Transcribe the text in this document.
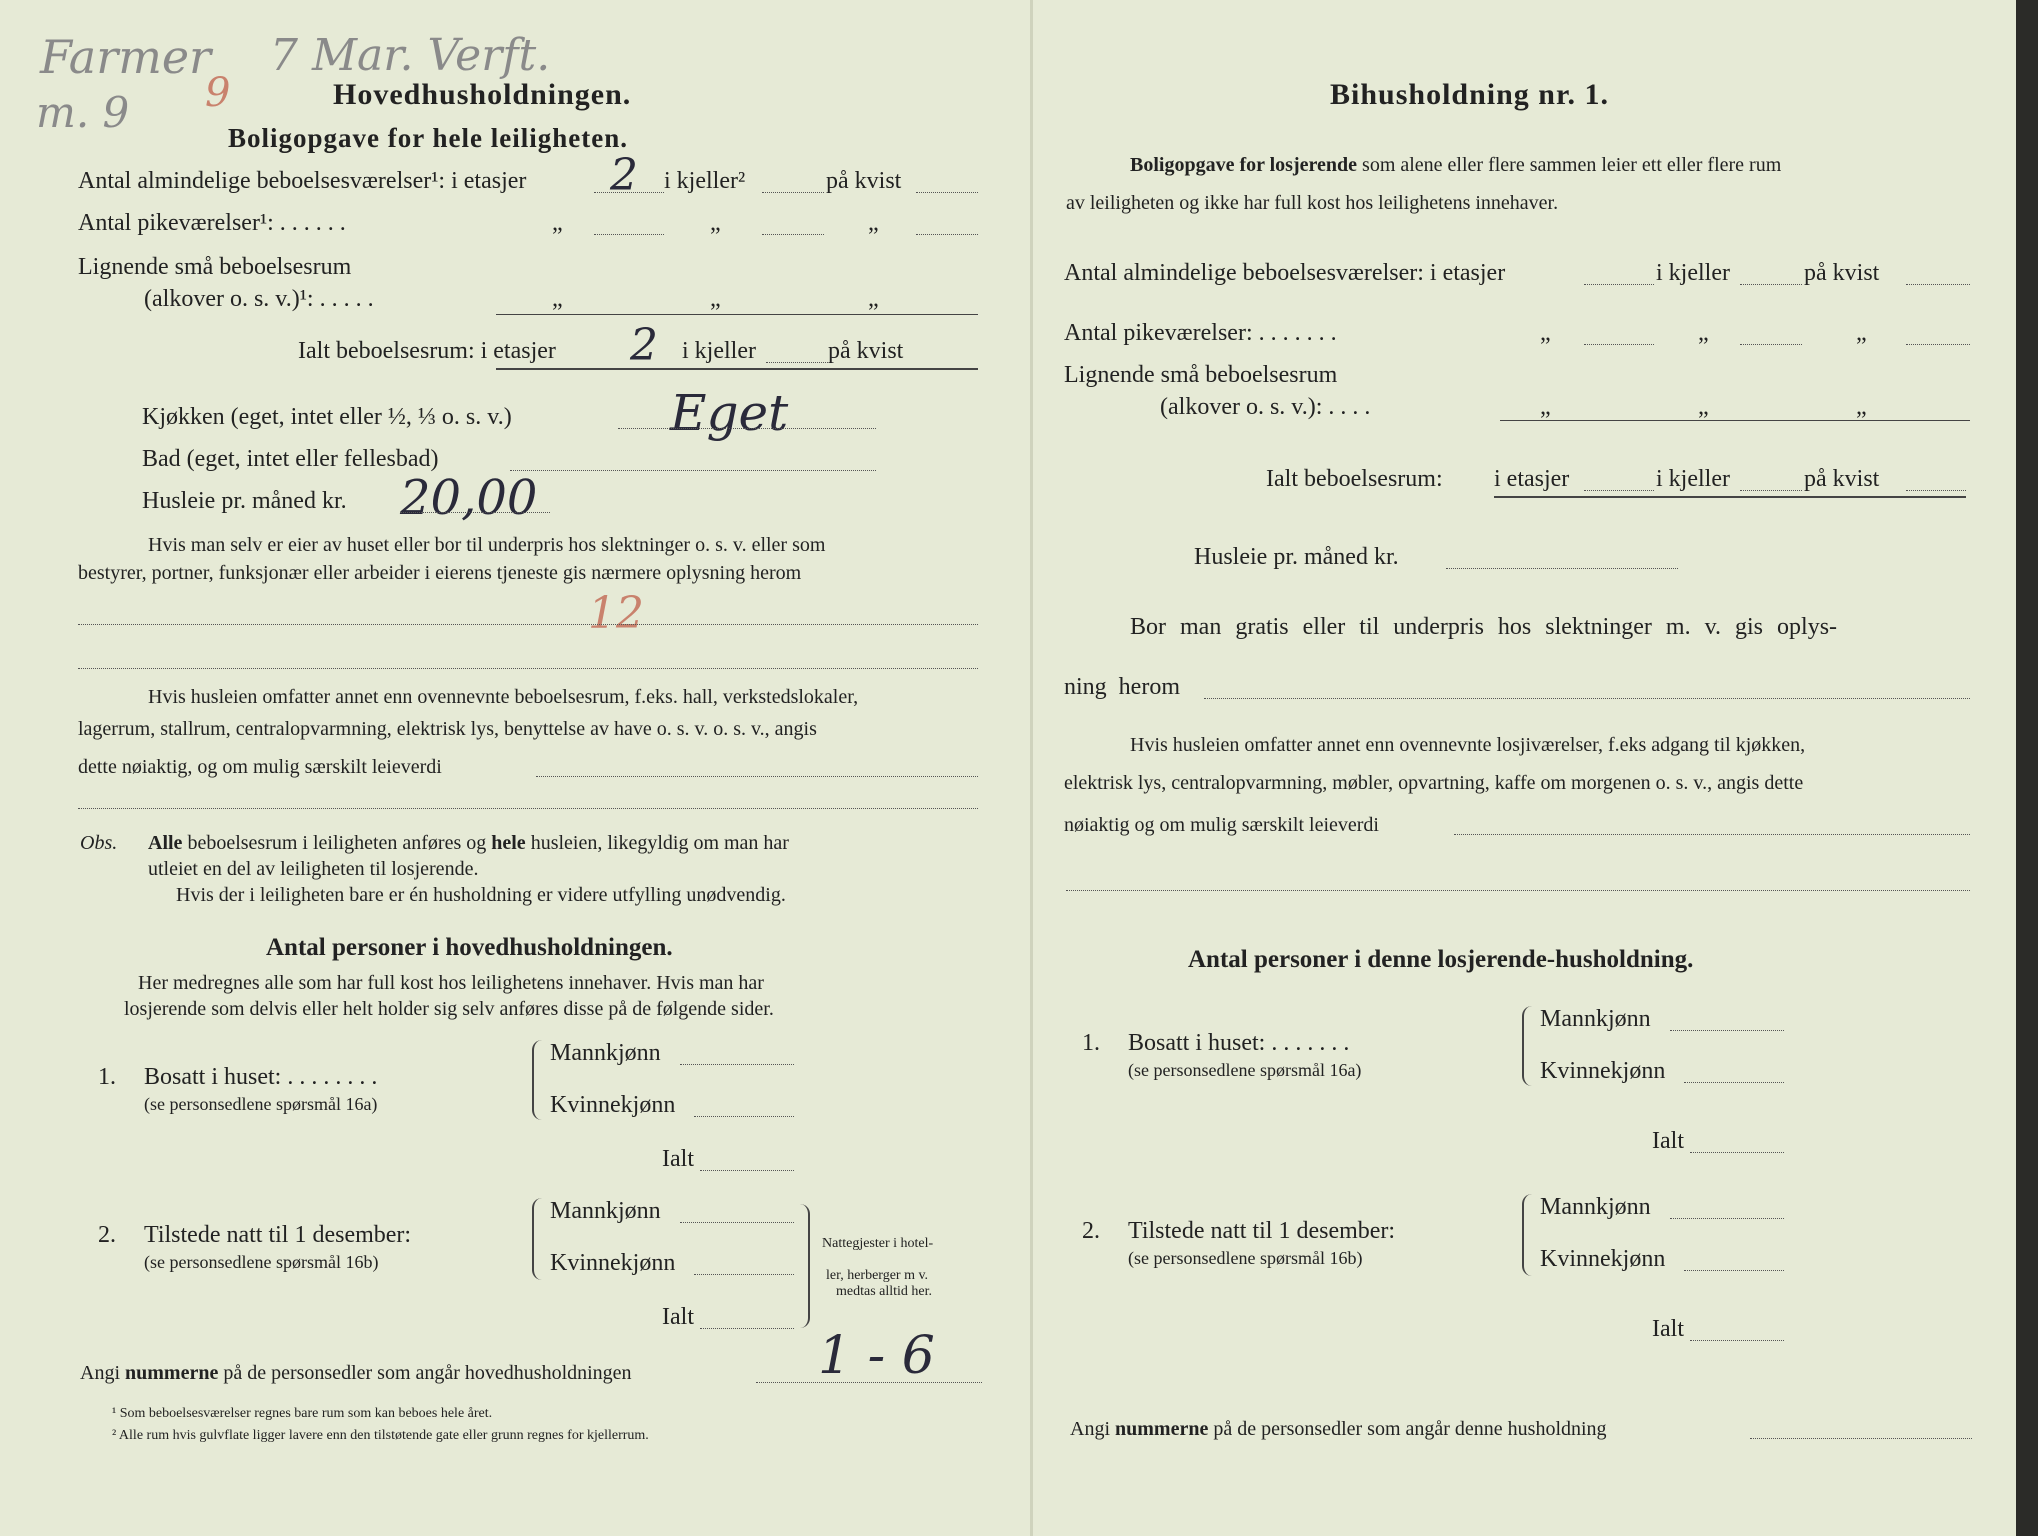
Farmer
m. 9
7 Mar. Verft.
9	Hovedhusholdningen.
Boligopgave for hele leiligheten.
Antal almindelige beboelsesværelser¹: i etasjer 2 i kjeller²	på kvist
Antal pikeværelser¹: . . . . . .	„	„	„
Lignende små beboelsesrum
(alkover o. s. v.)¹: . . . . .	„	„	„
Ialt beboelsesrum: i etasjer 2 i kjeller	på kvist
Kjøkken (eget, intet eller ½, ⅓ o. s. v.)	Eget
Bad (eget, intet eller fellesbad)
Husleie pr. måned kr. 20,00
Hvis man selv er eier av huset eller bor til underpris hos slektninger o. s. v. eller som
bestyrer, portner, funksjonær eller arbeider i eierens tjeneste gis nærmere oplysning herom
12
Hvis husleien omfatter annet enn ovennevnte beboelsesrum, f.eks. hall, verkstedslokaler,
lagerrum, stallrum, centralopvarmning, elektrisk lys, benyttelse av have o. s. v. o. s. v., angis
dette nøiaktig, og om mulig særskilt leieverdi
Obs. Alle beboelsesrum i leiligheten anføres og hele husleien, likegyldig om man har
utleiet en del av leiligheten til losjerende.
Hvis der i leiligheten bare er én husholdning er videre utfylling unødvendig.
Antal personer i hovedhusholdningen.
Her medregnes alle som har full kost hos leilighetens innehaver. Hvis man har
losjerende som delvis eller helt holder sig selv anføres disse på de følgende sider.
1. Bosatt i huset: . . . . . . . .
(se personsedlene spørsmål 16a)
Mannkjønn
Kvinnekjønn
Ialt
2. Tilstede natt til 1 desember:
(se personsedlene spørsmål 16b)
Mannkjønn
Kvinnekjønn
Ialt
Nattegjester i hotel-
ler, herberger m v.
medtas alltid her.
Angi nummerne på de personsedler som angår hovedhusholdningen	1 - 6
¹ Som beboelsesværelser regnes bare rum som kan beboes hele året.
² Alle rum hvis gulvflate ligger lavere enn den tilstøtende gate eller grunn regnes for kjellerrum.
Bihusholdning nr. 1.
Boligopgave for losjerende som alene eller flere sammen leier ett eller flere rum
av leiligheten og ikke har full kost hos leilighetens innehaver.
Antal almindelige beboelsesværelser: i etasjer	i kjeller	på kvist
Antal pikeværelser: . . . . . . .	„	„	„
Lignende små beboelsesrum
(alkover o. s. v.): . . . .	„	„	„
Ialt beboelsesrum: i etasjer	i kjeller	på kvist
Husleie pr. måned kr.
Bor man gratis eller til underpris hos slektninger m. v. gis oplys-
ning herom
Hvis husleien omfatter annet enn ovennevnte losjiværelser, f.eks adgang til kjøkken,
elektrisk lys, centralopvarmning, møbler, opvartning, kaffe om morgenen o. s. v., angis dette
nøiaktig og om mulig særskilt leieverdi
Antal personer i denne losjerende-husholdning.
1. Bosatt i huset: . . . . . . .
(se personsedlene spørsmål 16a)
Mannkjønn
Kvinnekjønn
Ialt
2. Tilstede natt til 1 desember:
(se personsedlene spørsmål 16b)
Mannkjønn
Kvinnekjønn
Ialt
Angi nummerne på de personsedler som angår denne husholdning
